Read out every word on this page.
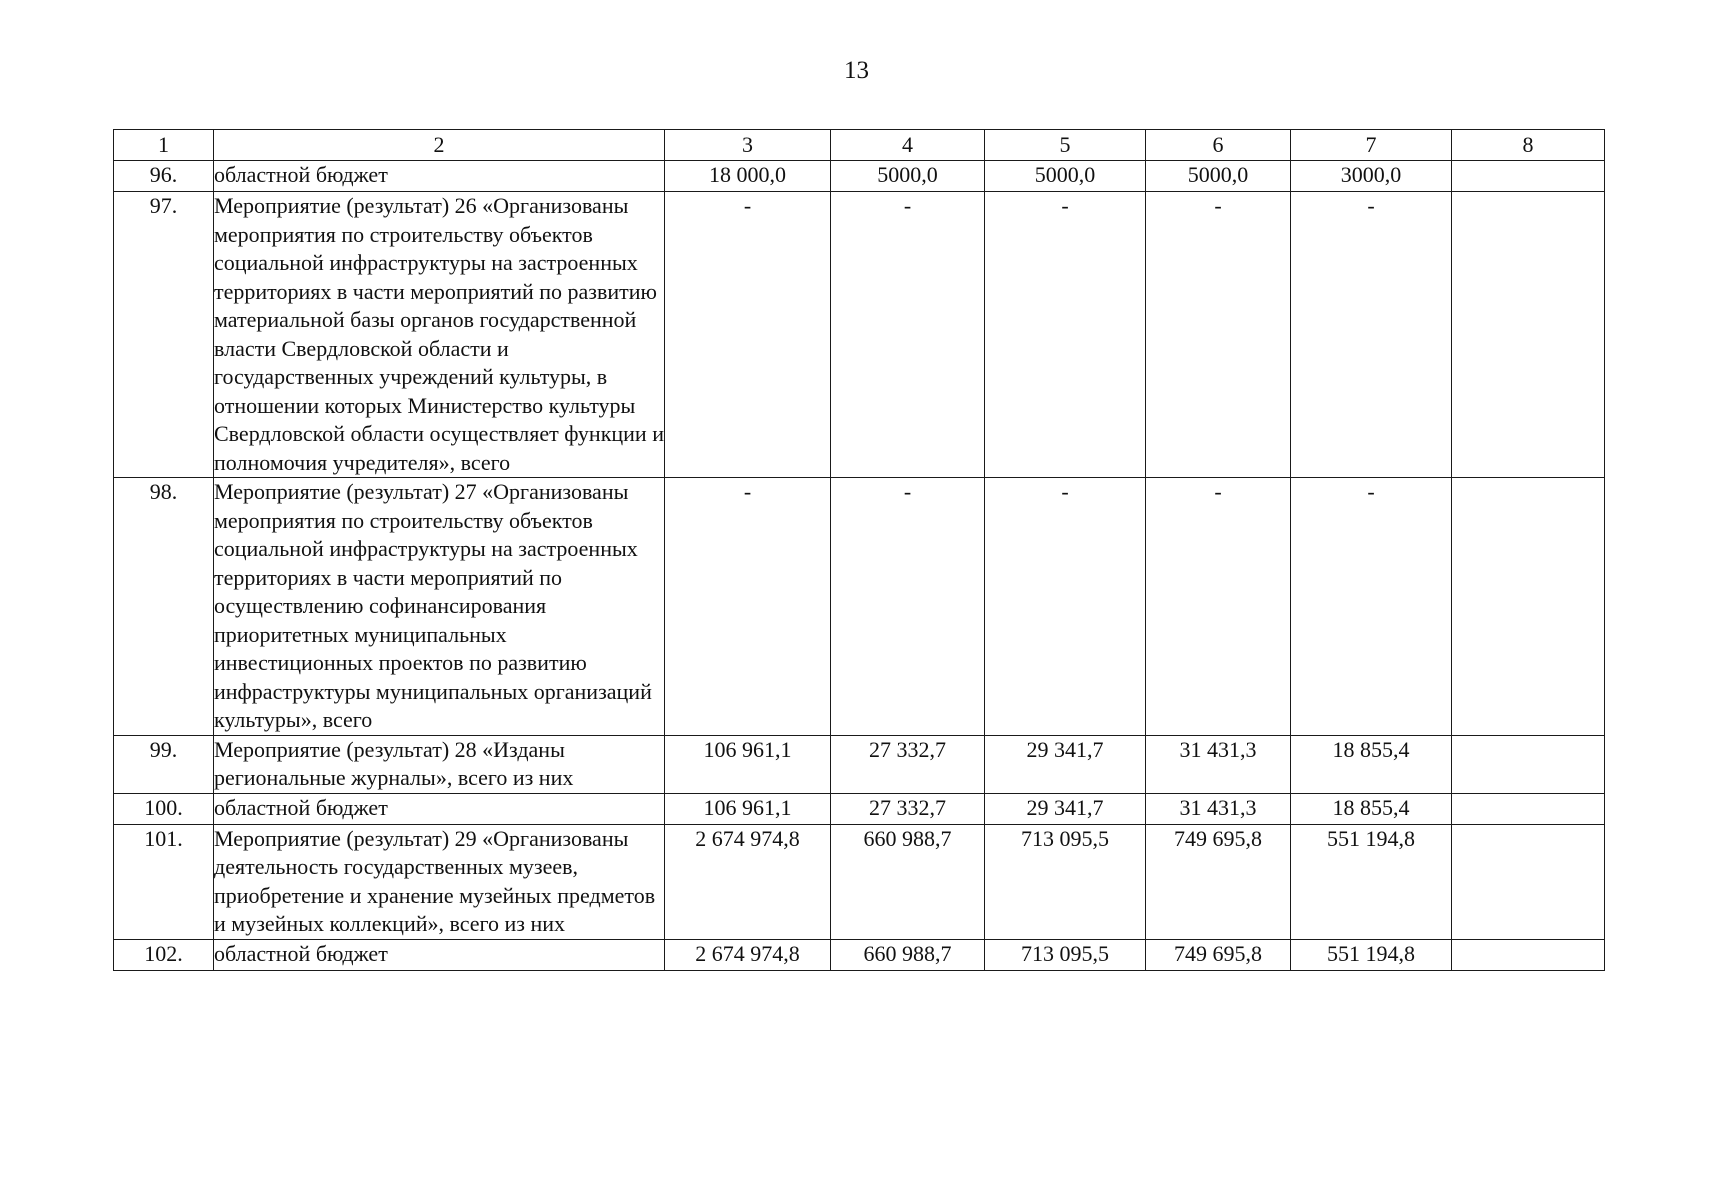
13
1	2	3	4	5	6	7	8
96.	областной бюджет	18 000,0	5000,0	5000,0	5000,0	3000,0	
97.	Мероприятие (результат) 26 «Организованы мероприятия по строительству объектов социальной инфраструктуры на застроенных территориях в части мероприятий по развитию материальной базы органов государственной власти Свердловской области и государственных учреждений культуры, в отношении которых Министерство культуры Свердловской области осуществляет функции и полномочия учредителя», всего	-	-	-	-	-	
98.	Мероприятие (результат) 27 «Организованы мероприятия по строительству объектов социальной инфраструктуры на застроенных территориях в части мероприятий по осуществлению софинансирования приоритетных муниципальных инвестиционных проектов по развитию инфраструктуры муниципальных организаций культуры», всего	-	-	-	-	-	
99.	Мероприятие (результат) 28 «Изданы региональные журналы», всего из них	106 961,1	27 332,7	29 341,7	31 431,3	18 855,4	
100.	областной бюджет	106 961,1	27 332,7	29 341,7	31 431,3	18 855,4	
101.	Мероприятие (результат) 29 «Организованы деятельность государственных музеев, приобретение и хранение музейных предметов и музейных коллекций», всего из них	2 674 974,8	660 988,7	713 095,5	749 695,8	551 194,8	
102.	областной бюджет	2 674 974,8	660 988,7	713 095,5	749 695,8	551 194,8	
